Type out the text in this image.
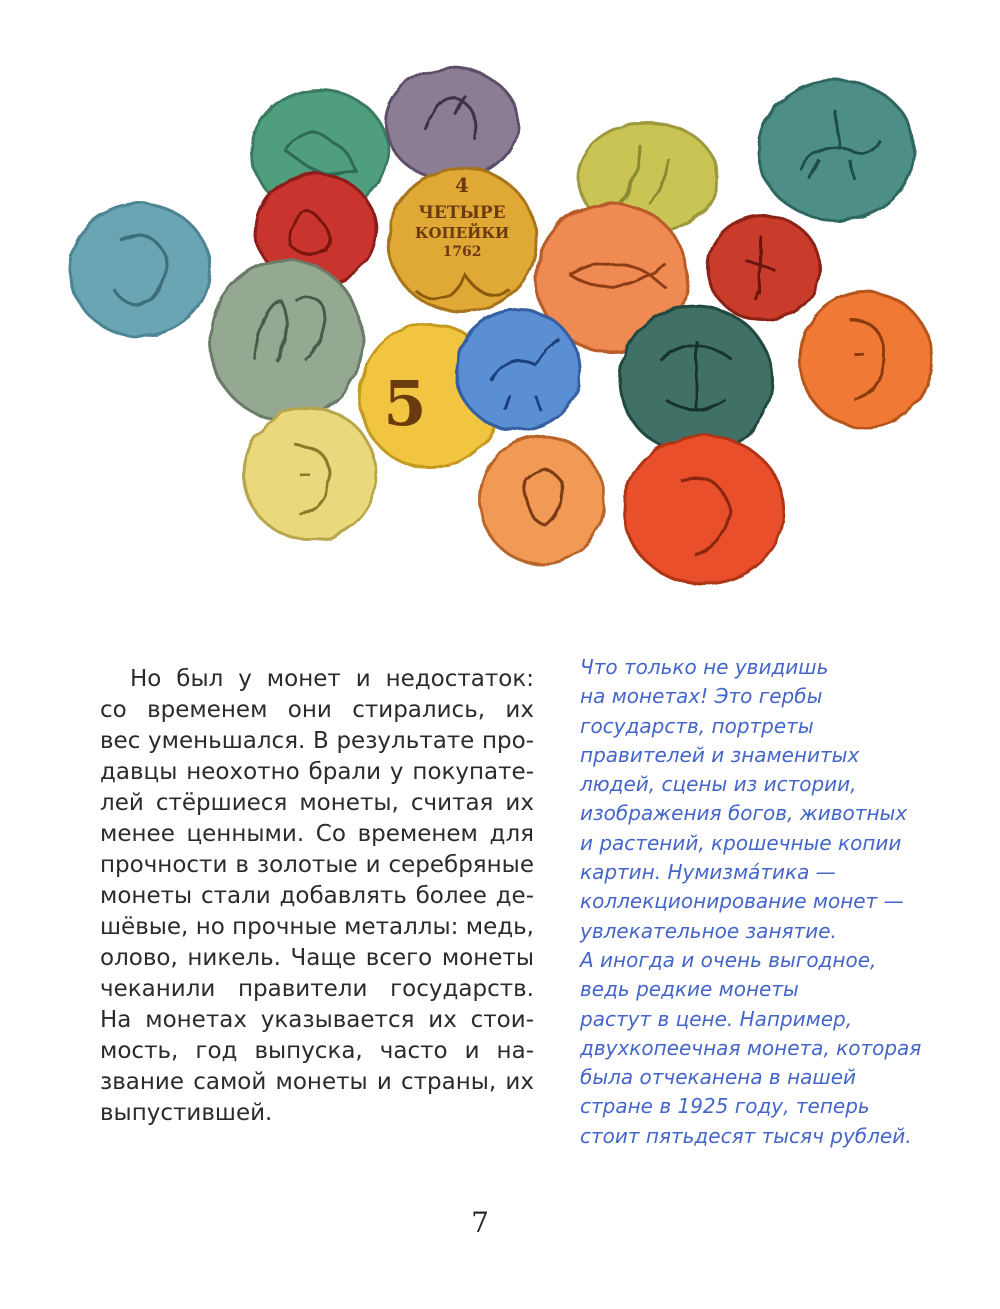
4
ЧЕТЫРЕ
КОПЕЙКИ
1762
5
Но был у монет и недостаток:
со временем они стирались, их
вес уменьшался. В результате про-
давцы неохотно брали у покупате-
лей стёршиеся монеты, считая их
менее ценными. Со временем для
прочности в золотые и серебряные
монеты стали добавлять более де-
шёвые, но прочные металлы: медь,
олово, никель. Чаще всего монеты
чеканили правители государств.
На монетах указывается их стои-
мость, год выпуска, часто и на-
звание самой монеты и страны, их
выпустившей.
Что только не увидишь
на монетах! Это гербы
государств, портреты
правителей и знаменитых
людей, сцены из истории,
изображения богов, животных
и растений, крошечные копии
картин. Нумизма́тика —
коллекционирование монет —
увлекательное занятие.
А иногда и очень выгодное,
ведь редкие монеты
растут в цене. Например,
двухкопеечная монета, которая
была отчеканена в нашей
стране в 1925 году, теперь
стоит пятьдесят тысяч рублей.
7
